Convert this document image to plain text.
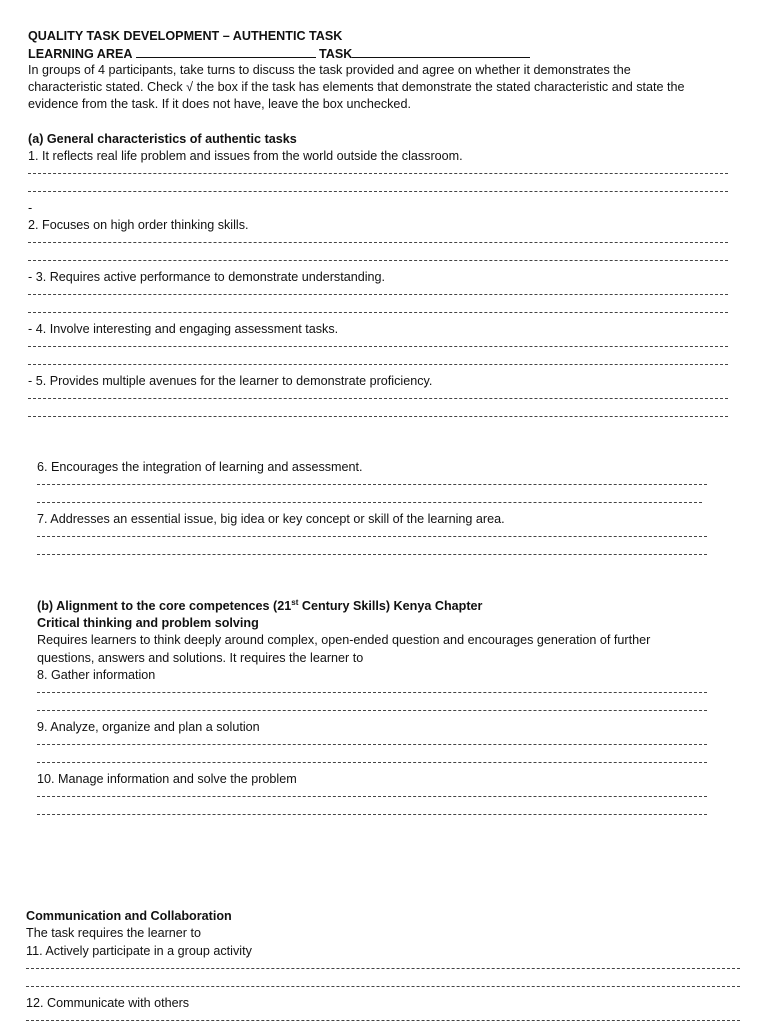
QUALITY TASK DEVELOPMENT – AUTHENTIC TASK
LEARNING AREA	TASK
In groups of 4 participants, take turns to discuss the task provided and agree on whether it demonstrates the
characteristic stated. Check √ the box if the task has elements that demonstrate the stated characteristic and state the
evidence from the task. If it does not have, leave the box unchecked.
(a) General characteristics of authentic tasks
1. It reflects real life problem and issues from the world outside the classroom.
-
2. Focuses on high order thinking skills.
- 3. Requires active performance to demonstrate understanding.
- 4. Involve interesting and engaging assessment tasks.
- 5. Provides multiple avenues for the learner to demonstrate proficiency.
6. Encourages the integration of learning and assessment.
7. Addresses an essential issue, big idea or key concept or skill of the learning area.
(b) Alignment to the core competences (21st Century Skills) Kenya Chapter
Critical thinking and problem solving
Requires learners to think deeply around complex, open-ended question and encourages generation of further
questions, answers and solutions. It requires the learner to
8. Gather information
9. Analyze, organize and plan a solution
10. Manage information and solve the problem
Communication and Collaboration
The task requires the learner to
11. Actively participate in a group activity
12. Communicate with others
